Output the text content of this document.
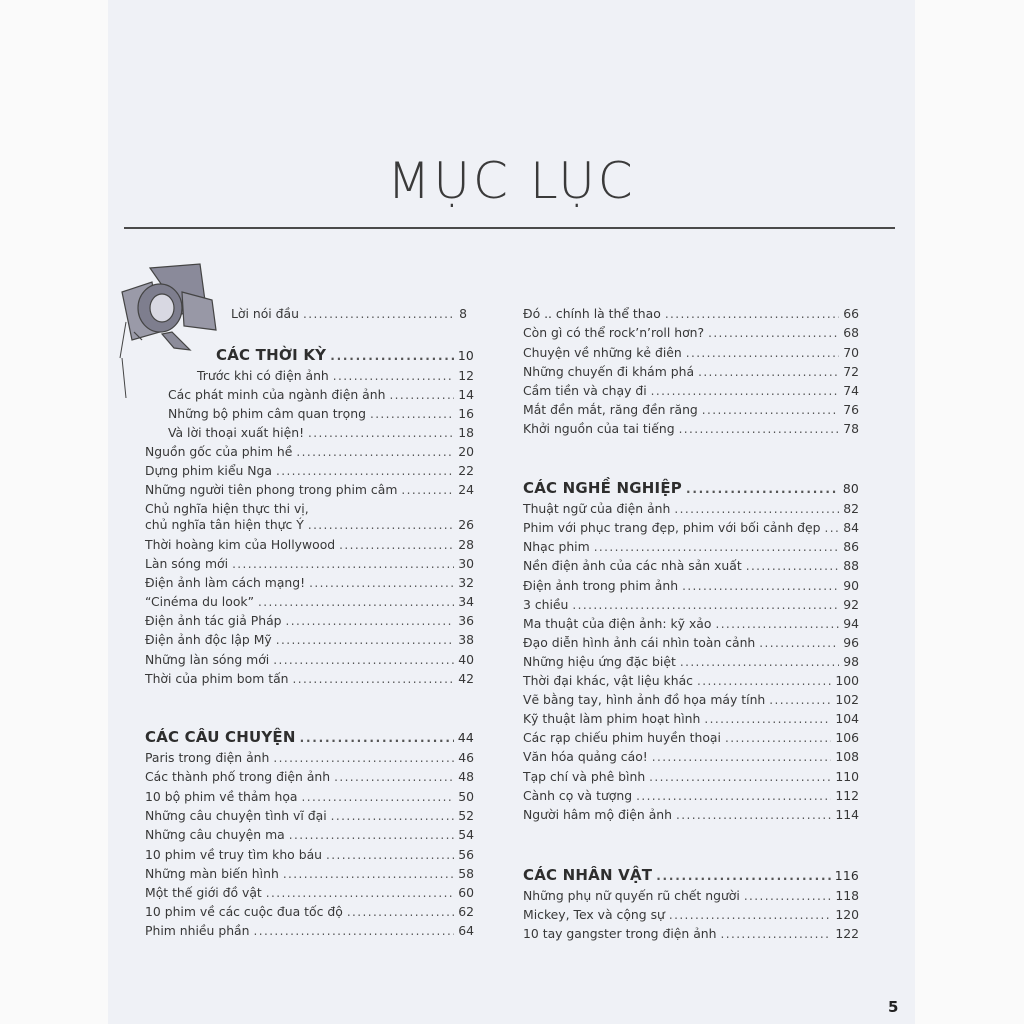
MỤC LỤC
Lời nói đầu . . .	8
CÁC THỜI KỲ . . .	10
Trước khi có điện ảnh . . .	12
Các phát minh của ngành điện ảnh . . .	14
Những bộ phim câm quan trọng . . .	16
Và lời thoại xuất hiện! . . .	18
Nguồn gốc của phim hề . . .	20
Dựng phim kiểu Nga . . .	22
Những người tiên phong trong phim câm . . .	24
Chủ nghĩa hiện thực thi vị,
chủ nghĩa tân hiện thực Ý . . .	26
Thời hoàng kim của Hollywood . . .	28
Làn sóng mới . . .	30
Điện ảnh làm cách mạng! . . .	32
“Cinéma du look” . . .	34
Điện ảnh tác giả Pháp . . .	36
Điện ảnh độc lập Mỹ . . .	38
Những làn sóng mới . . .	40
Thời của phim bom tấn . . .	42
CÁC CÂU CHUYỆN . . .	44
Paris trong điện ảnh . . .	46
Các thành phố trong điện ảnh . . .	48
10 bộ phim về thảm họa . . .	50
Những câu chuyện tình vĩ đại . . .	52
Những câu chuyện ma . . .	54
10 phim về truy tìm kho báu . . .	56
Những màn biến hình . . .	58
Một thế giới đồ vật . . .	60
10 phim về các cuộc đua tốc độ . . .	62
Phim nhiều phần . . .	64
Đó .. chính là thể thao . . .	66
Còn gì có thể rock’n’roll hơn? . . .	68
Chuyện về những kẻ điên . . .	70
Những chuyến đi khám phá . . .	72
Cầm tiền và chạy đi . . .	74
Mắt đền mắt, răng đền răng . . .	76
Khởi nguồn của tai tiếng . . .	78
CÁC NGHỀ NGHIỆP . . .	80
Thuật ngữ của điện ảnh . . .	82
Phim với phục trang đẹp, phim với bối cảnh đẹp . . . 84
Nhạc phim . . .	86
Nền điện ảnh của các nhà sản xuất . . .	88
Điện ảnh trong phim ảnh . . .	90
3 chiều . . .	92
Ma thuật của điện ảnh: kỹ xảo . . .	94
Đạo diễn hình ảnh cái nhìn toàn cảnh . . .	96
Những hiệu ứng đặc biệt . . .	98
Thời đại khác, vật liệu khác . . .	100
Vẽ bằng tay, hình ảnh đồ họa máy tính . . .	102
Kỹ thuật làm phim hoạt hình . . .	104
Các rạp chiếu phim huyền thoại . . .	106
Văn hóa quảng cáo! . . .	108
Tạp chí và phê bình . . .	110
Cành cọ và tượng . . .	112
Người hâm mộ điện ảnh . . .	114
CÁC NHÂN VẬT . . .	116
Những phụ nữ quyến rũ chết người . . .	118
Mickey, Tex và cộng sự . . .	120
10 tay gangster trong điện ảnh . . .	122
5
